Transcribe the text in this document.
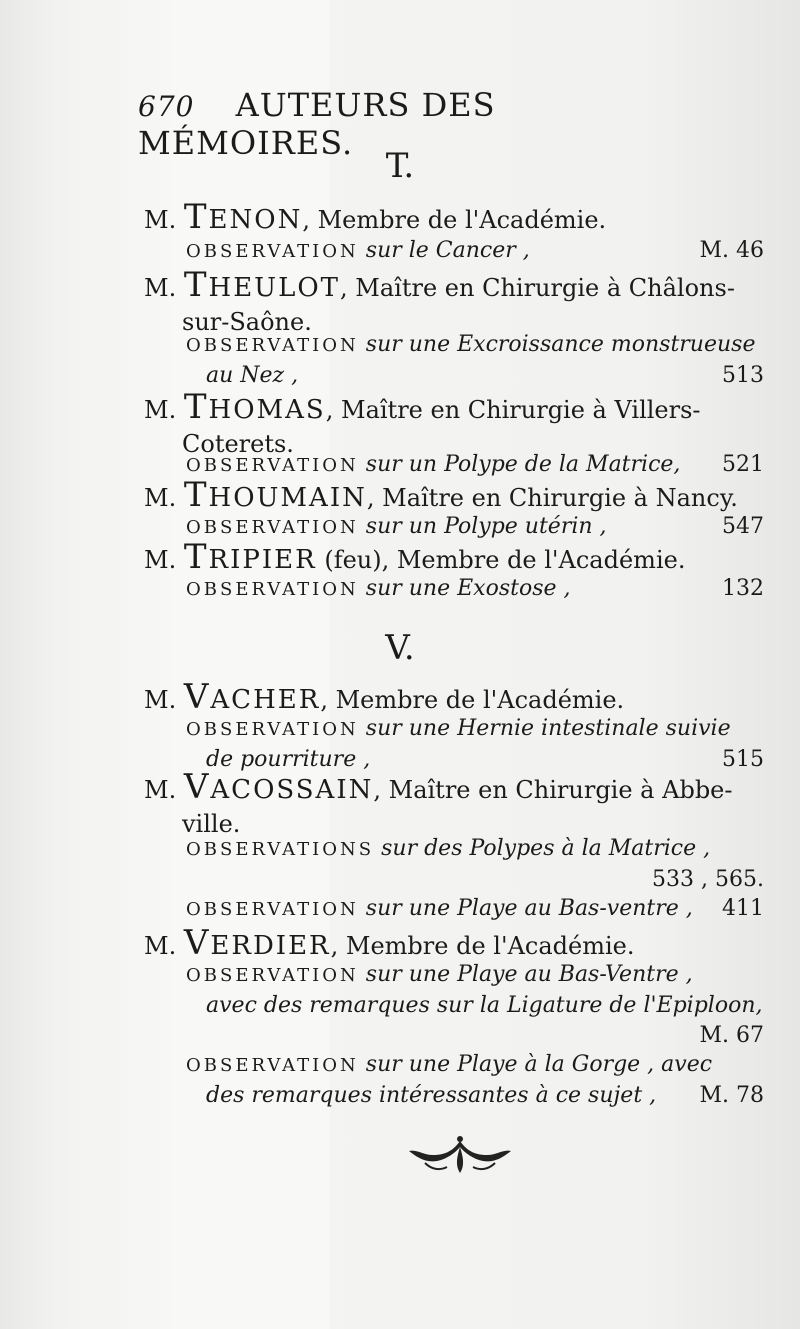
670 AUTEURS DES MÉMOIRES.
T.
M. TENON, Membre de l'Académie.
OBSERVATION sur le Cancer ,	M. 46
M. THEULOT, Maître en Chirurgie à Châlons-
sur-Saône.
OBSERVATION sur une Excroissance monstrueuse
au Nez ,	513
M. THOMAS, Maître en Chirurgie à Villers-
Coterets.
OBSERVATION sur un Polype de la Matrice, 521
M. THOUMAIN, Maître en Chirurgie à Nancy.
OBSERVATION sur un Polype utérin ,	547
M. TRIPIER (feu), Membre de l'Académie.
OBSERVATION sur une Exostose ,	132
V.
M. VACHER, Membre de l'Académie.
OBSERVATION sur une Hernie intestinale suivie
de pourriture ,	515
M. VACOSSAIN, Maître en Chirurgie à Abbe-
ville.
OBSERVATIONS sur des Polypes à la Matrice ,

533 , 565.
OBSERVATION sur une Playe au Bas-ventre , 411
M. VERDIER, Membre de l'Académie.
OBSERVATION sur une Playe au Bas-Ventre ,
avec des remarques sur la Ligature de l'Epiploon,

M. 67
OBSERVATION sur une Playe à la Gorge , avec
des remarques intéressantes à ce sujet , M. 78
